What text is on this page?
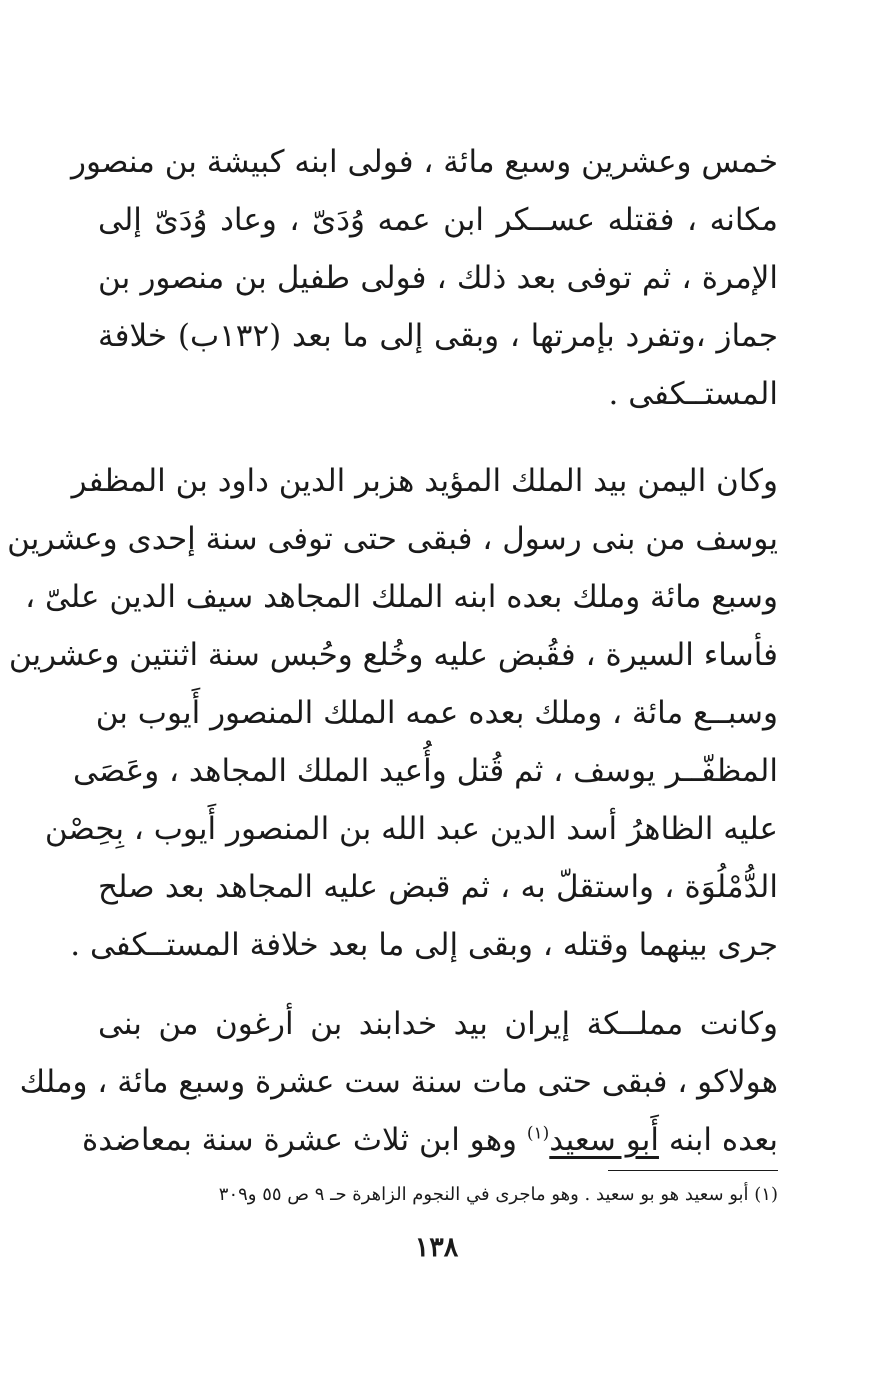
خمس وعشرين وسبع مائة ، فولى ابنه كبيشة بن منصور
مكانه ، فقتله عســكر ابن عمه وُدَىّ ، وعاد وُدَىّ إلى
الإمرة ، ثم توفى بعد ذلك ، فولى طفيل بن منصور بن
جماز ،وتفرد بإمرتها ، وبقى إلى ما بعد (١٣٢ب) خلافة
المستــكفى .
وكان اليمن بيد الملك المؤيد هزبر الدين داود بن المظفر
يوسف من بنى رسول ، فبقى حتى توفى سنة إحدى وعشرين
وسبع مائة وملك بعده ابنه الملك المجاهد سيف الدين علىّ ،
فأساء السيرة ، فقُبض عليه وخُلع وحُبس سنة اثنتين وعشرين
وسبــع مائة ، وملك بعده عمه الملك المنصور أَيوب بن
المظفّــر يوسف ، ثم قُتل وأُعيد الملك المجاهد ، وعَصَى
عليه الظاهرُ أسد الدين عبد الله بن المنصور أَيوب ، بِحِصْن
الدُّمْلُوَة ، واستقلّ به ، ثم قبض عليه المجاهد بعد صلح
جرى بينهما وقتله ، وبقى إلى ما بعد خلافة المستــكفى .
وكانت مملــكة إيران بيد خدابند بن أرغون من بنى
هولاكو ، فبقى حتى مات سنة ست عشرة وسبع مائة ، وملك
بعده ابنه أَبو سعيد$^{(١)}$ وهو ابن ثلاث عشرة سنة بمعاضدة
(١) أبو سعيد هو بو سعيد . وهو ماجرى في النجوم الزاهرة حـ ٩ ص ٥٥ و٣٠٩
١٣٨
